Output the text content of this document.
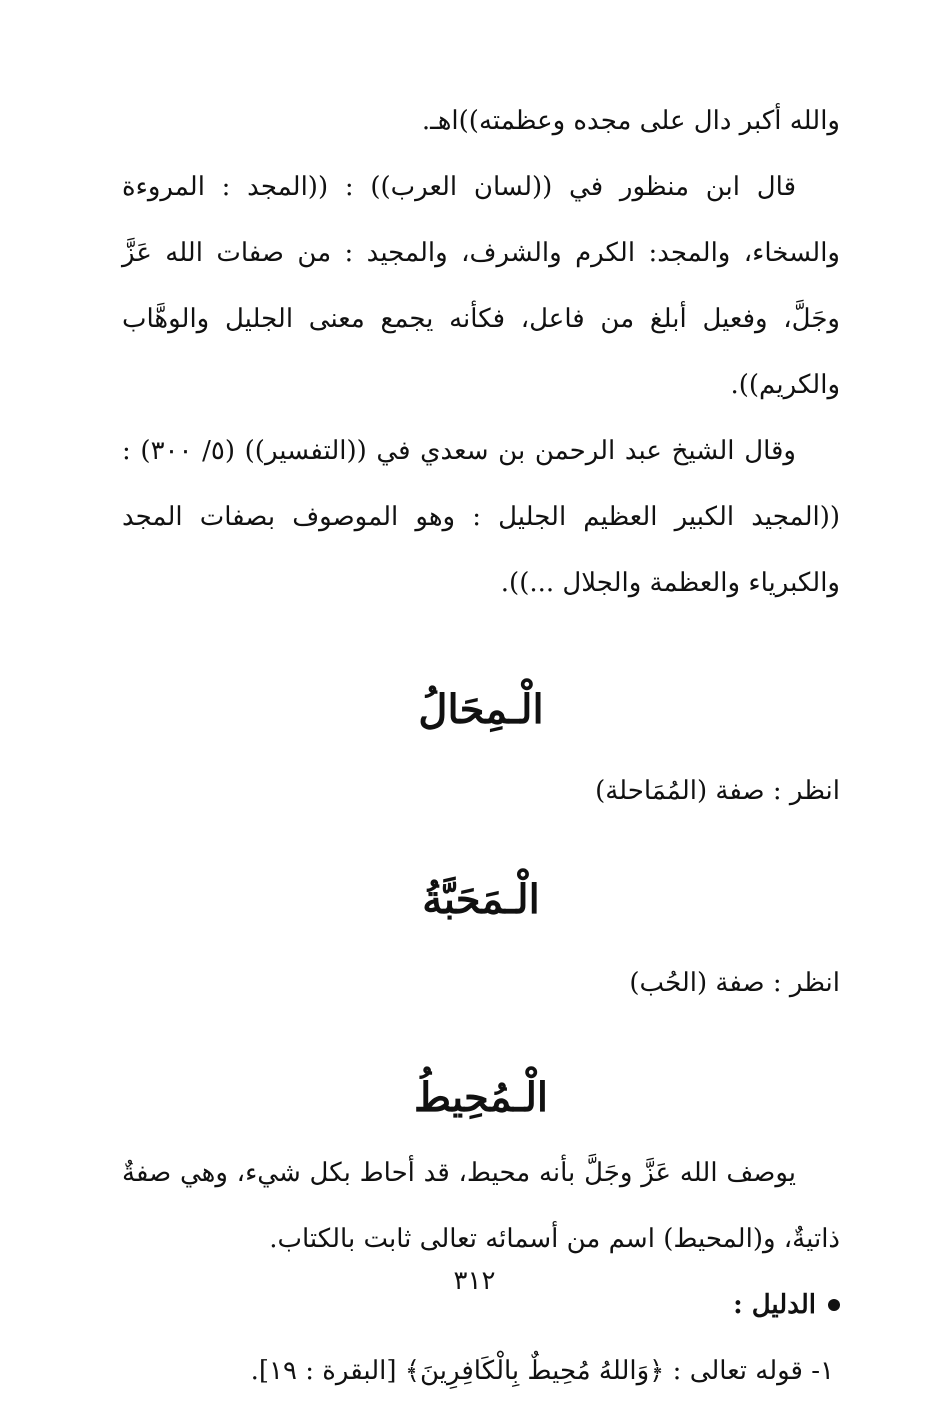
والله أكبر دال على مجده وعظمته))اهـ.

قال ابن منظور في ((لسان العرب)) : ((المجد : المروءة والسخاء، والمجد: الكرم والشرف، والمجيد : من صفات الله عَزَّ وجَلَّ، وفعيل أبلغ من فاعل، فكأنه يجمع معنى الجليل والوهَّاب والكريم)).

وقال الشيخ عبد الرحمن بن سعدي في ((التفسير)) (٥/ ٣٠٠) : ((المجيد الكبير العظيم الجليل : وهو الموصوف بصفات المجد والكبرياء والعظمة والجلال ...)).

الْـمِحَالُ

انظر : صفة (المُمَاحلة)

الْـمَحَبَّةُ

انظر : صفة (الحُب)

الْـمُحِيطُ

يوصف الله عَزَّ وجَلَّ بأنه محيط، قد أحاط بكل شيء، وهي صفةٌ ذاتيةٌ، و(المحيط) اسم من أسمائه تعالى ثابت بالكتاب.

الدليل :

١- قوله تعالى : ﴿وَاللهُ مُحِيطٌ بِالْكَافِرِينَ﴾ [البقرة : ١٩].

٣١٢
